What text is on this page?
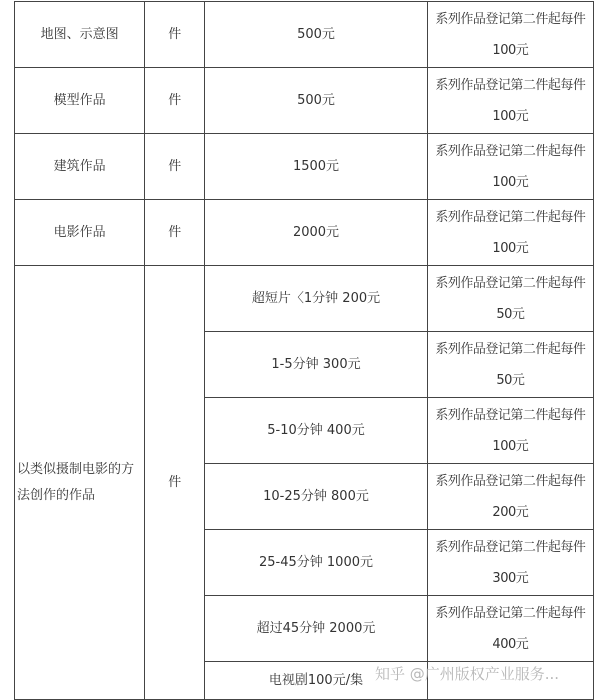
地图、示意图	件	500元	系列作品登记第二件起每件
100元
模型作品	件	500元	系列作品登记第二件起每件
100元
建筑作品	件	1500元	系列作品登记第二件起每件
100元
电影作品	件	2000元	系列作品登记第二件起每件
100元
以类似摄制电影的方法创作的作品	件	超短片〈1分钟 200元	系列作品登记第二件起每件
50元
		1-5分钟 300元	系列作品登记第二件起每件
50元
		5-10分钟 400元	系列作品登记第二件起每件
100元
		10-25分钟 800元	系列作品登记第二件起每件
200元
		25-45分钟 1000元	系列作品登记第二件起每件
300元
		超过45分钟 2000元	系列作品登记第二件起每件
400元
		电视剧100元/集	知乎 @广州版权产业服务...
